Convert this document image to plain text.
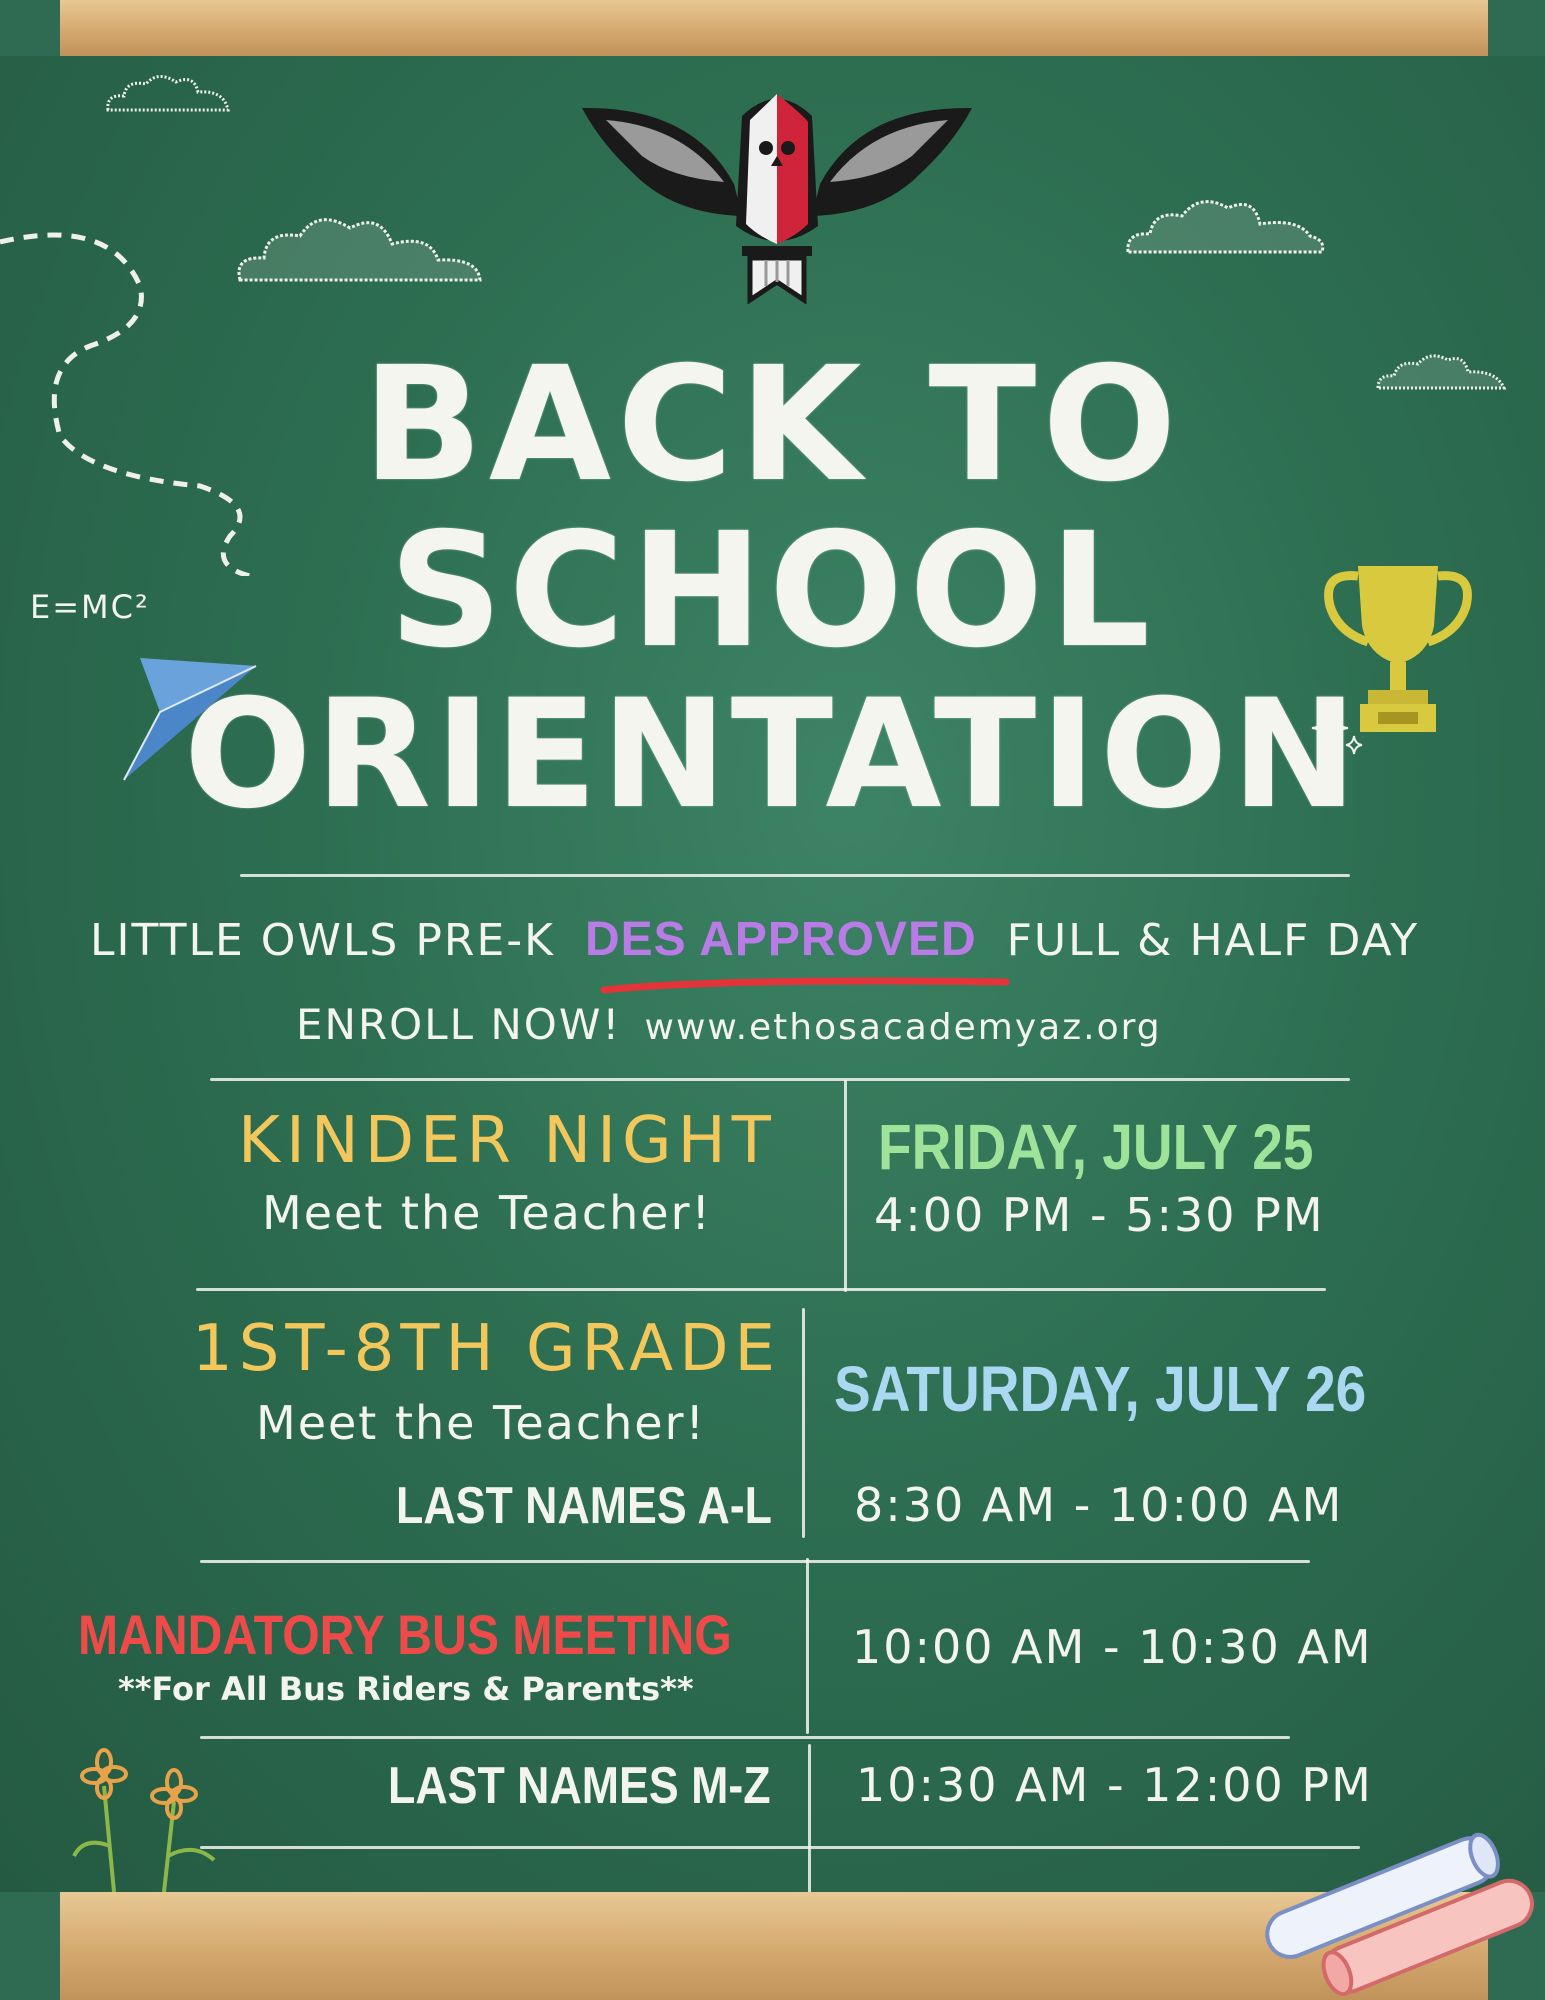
E=MC²
BACK TO
SCHOOL
ORIENTATION
LITTLE OWLS PRE-K DES APPROVED FULL & HALF DAY
ENROLL NOW! www.ethosacademyaz.org
KINDER NIGHT
Meet the Teacher!
FRIDAY, JULY 25
4:00 PM - 5:30 PM
1ST-8TH GRADE
Meet the Teacher!
LAST NAMES A-L
SATURDAY, JULY 26
8:30 AM - 10:00 AM
MANDATORY BUS MEETING
**For All Bus Riders & Parents**
10:00 AM - 10:30 AM
LAST NAMES M-Z 10:30 AM - 12:00 PM
